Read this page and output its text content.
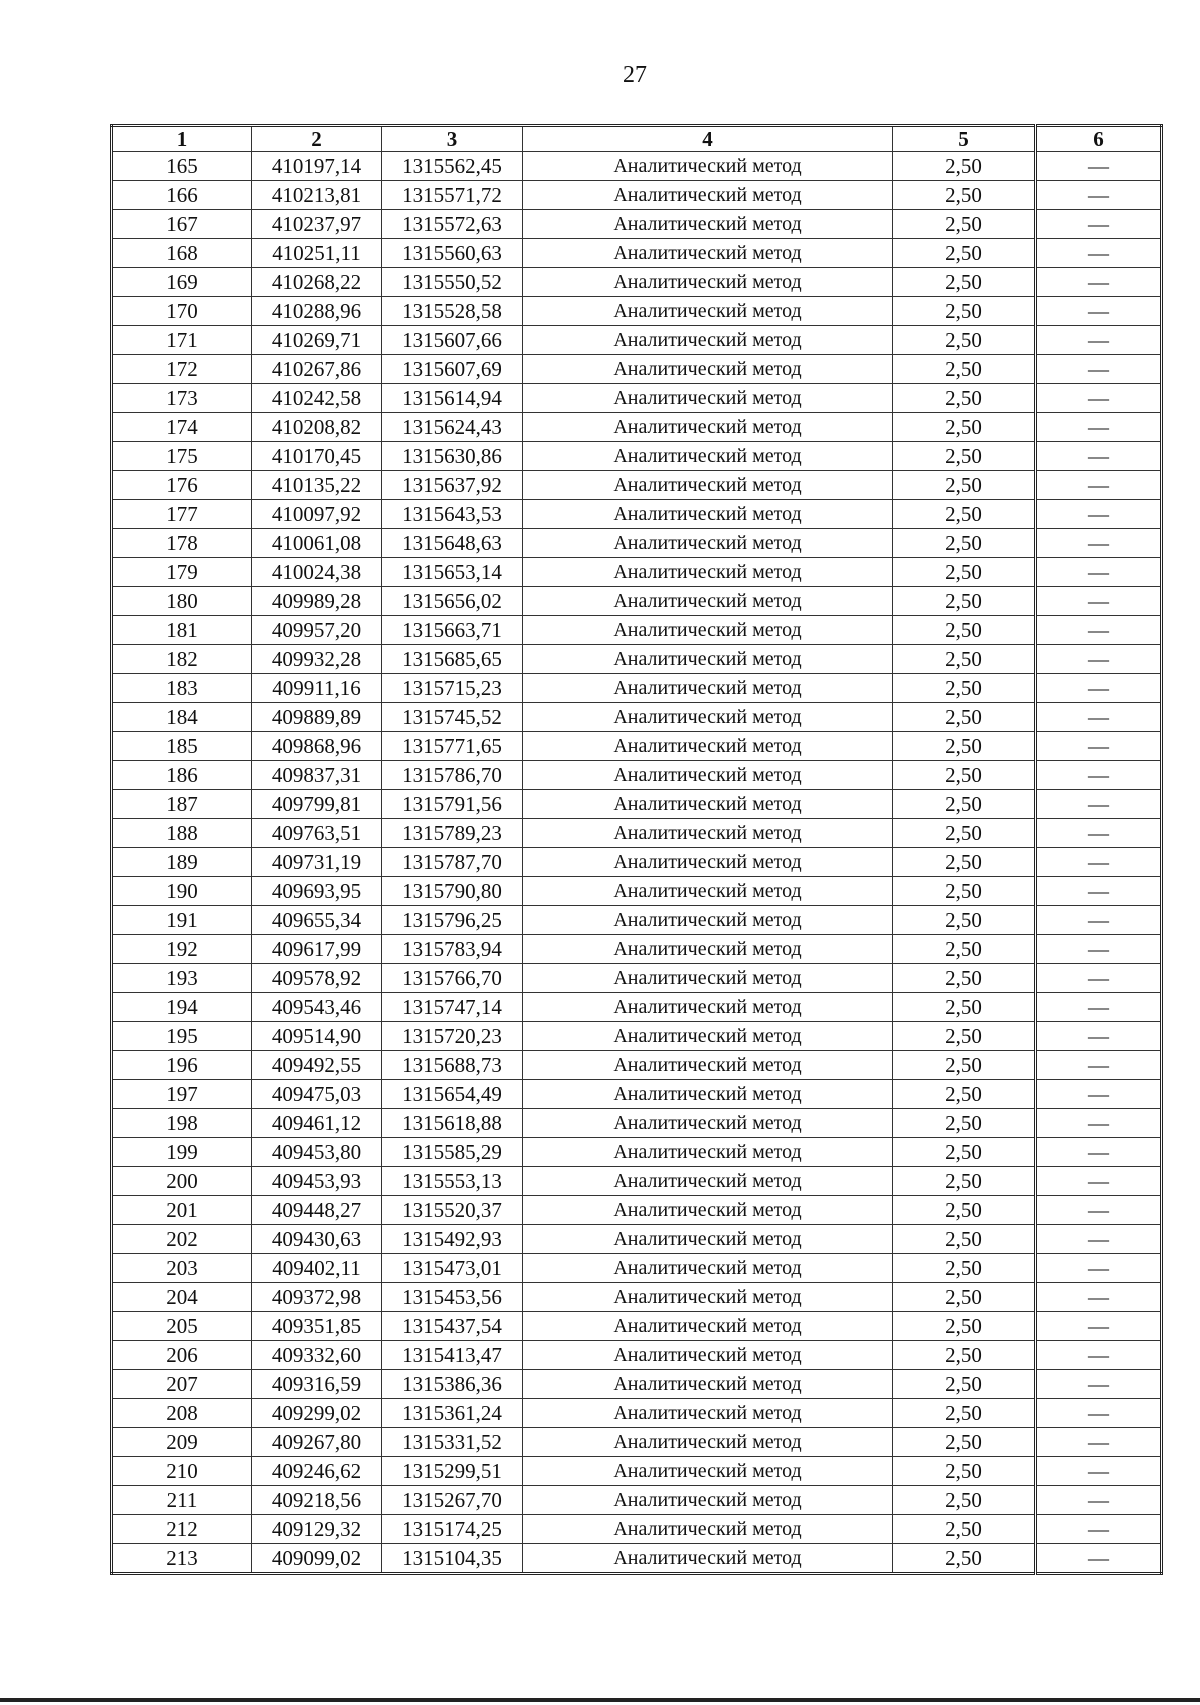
27
1	2	3	4	5	6
165	410197,14	1315562,45	Аналитический метод	2,50	—
166	410213,81	1315571,72	Аналитический метод	2,50	—
167	410237,97	1315572,63	Аналитический метод	2,50	—
168	410251,11	1315560,63	Аналитический метод	2,50	—
169	410268,22	1315550,52	Аналитический метод	2,50	—
170	410288,96	1315528,58	Аналитический метод	2,50	—
171	410269,71	1315607,66	Аналитический метод	2,50	—
172	410267,86	1315607,69	Аналитический метод	2,50	—
173	410242,58	1315614,94	Аналитический метод	2,50	—
174	410208,82	1315624,43	Аналитический метод	2,50	—
175	410170,45	1315630,86	Аналитический метод	2,50	—
176	410135,22	1315637,92	Аналитический метод	2,50	—
177	410097,92	1315643,53	Аналитический метод	2,50	—
178	410061,08	1315648,63	Аналитический метод	2,50	—
179	410024,38	1315653,14	Аналитический метод	2,50	—
180	409989,28	1315656,02	Аналитический метод	2,50	—
181	409957,20	1315663,71	Аналитический метод	2,50	—
182	409932,28	1315685,65	Аналитический метод	2,50	—
183	409911,16	1315715,23	Аналитический метод	2,50	—
184	409889,89	1315745,52	Аналитический метод	2,50	—
185	409868,96	1315771,65	Аналитический метод	2,50	—
186	409837,31	1315786,70	Аналитический метод	2,50	—
187	409799,81	1315791,56	Аналитический метод	2,50	—
188	409763,51	1315789,23	Аналитический метод	2,50	—
189	409731,19	1315787,70	Аналитический метод	2,50	—
190	409693,95	1315790,80	Аналитический метод	2,50	—
191	409655,34	1315796,25	Аналитический метод	2,50	—
192	409617,99	1315783,94	Аналитический метод	2,50	—
193	409578,92	1315766,70	Аналитический метод	2,50	—
194	409543,46	1315747,14	Аналитический метод	2,50	—
195	409514,90	1315720,23	Аналитический метод	2,50	—
196	409492,55	1315688,73	Аналитический метод	2,50	—
197	409475,03	1315654,49	Аналитический метод	2,50	—
198	409461,12	1315618,88	Аналитический метод	2,50	—
199	409453,80	1315585,29	Аналитический метод	2,50	—
200	409453,93	1315553,13	Аналитический метод	2,50	—
201	409448,27	1315520,37	Аналитический метод	2,50	—
202	409430,63	1315492,93	Аналитический метод	2,50	—
203	409402,11	1315473,01	Аналитический метод	2,50	—
204	409372,98	1315453,56	Аналитический метод	2,50	—
205	409351,85	1315437,54	Аналитический метод	2,50	—
206	409332,60	1315413,47	Аналитический метод	2,50	—
207	409316,59	1315386,36	Аналитический метод	2,50	—
208	409299,02	1315361,24	Аналитический метод	2,50	—
209	409267,80	1315331,52	Аналитический метод	2,50	—
210	409246,62	1315299,51	Аналитический метод	2,50	—
211	409218,56	1315267,70	Аналитический метод	2,50	—
212	409129,32	1315174,25	Аналитический метод	2,50	—
213	409099,02	1315104,35	Аналитический метод	2,50	—
